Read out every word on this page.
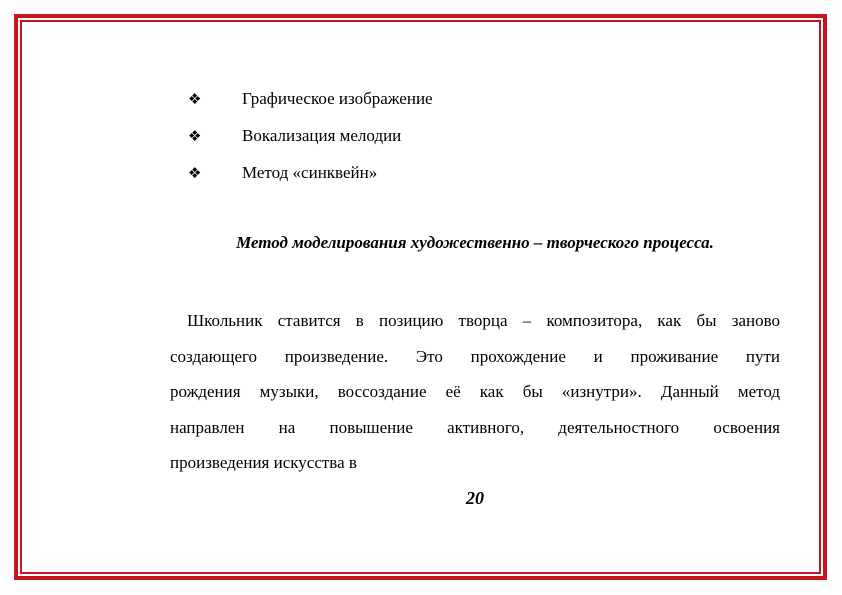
❖ Графическое изображение
❖ Вокализация мелодии
❖ Метод «синквейн»
Метод моделирования художественно – творческого процесса.
Школьник ставится в позицию творца – композитора, как бы заново
создающего произведение. Это прохождение и проживание пути
рождения музыки, воссоздание её как бы «изнутри». Данный метод
направлен на повышение активного, деятельностного освоения
произведения искусства в
20
